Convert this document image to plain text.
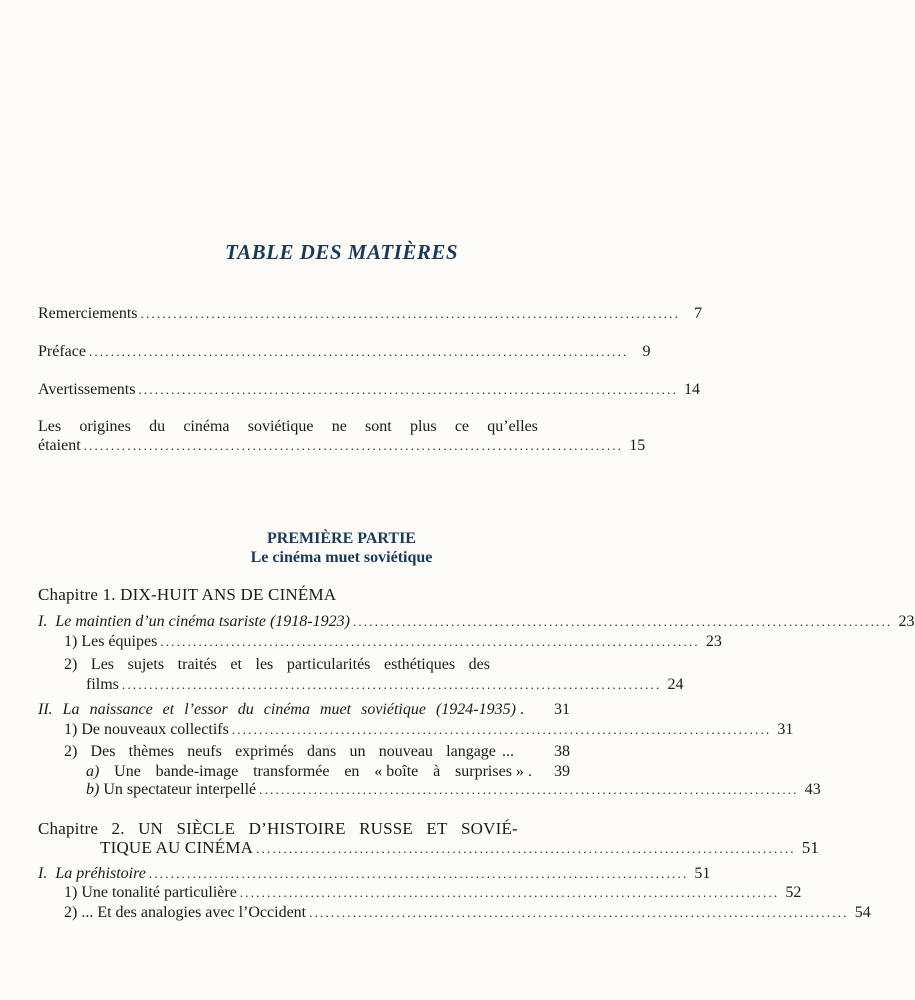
TABLE DES MATIÈRES
Remerciements ................................................................................................... 7
Préface ................................................................................................... 9
Avertissements ................................................................................................... 14
Les origines du cinéma soviétique ne sont plus ce qu’elles
étaient ................................................................................................... 15
PREMIÈRE PARTIE
Le cinéma muet soviétique
Chapitre 1. DIX-HUIT ANS DE CINÉMA
I. Le maintien d’un cinéma tsariste (1918-1923) ................................................................................................... 23
1) Les équipes ................................................................................................... 23
2) Les sujets traités et les particularités esthétiques des
films ................................................................................................... 24
II. La naissance et l’essor du cinéma muet soviétique (1924-1935) . 31
1) De nouveaux collectifs ................................................................................................... 31
2) Des thèmes neufs exprimés dans un nouveau langage ...	38
a) Une bande-image transformée en « boîte à surprises » . 39
b) Un spectateur interpellé ................................................................................................... 43
Chapitre 2. UN SIÈCLE D’HISTOIRE RUSSE ET SOVIÉ-
TIQUE AU CINÉMA ................................................................................................... 51
I. La préhistoire ................................................................................................... 51
1) Une tonalité particulière ................................................................................................... 52
2) ... Et des analogies avec l’Occident ................................................................................................... 54
